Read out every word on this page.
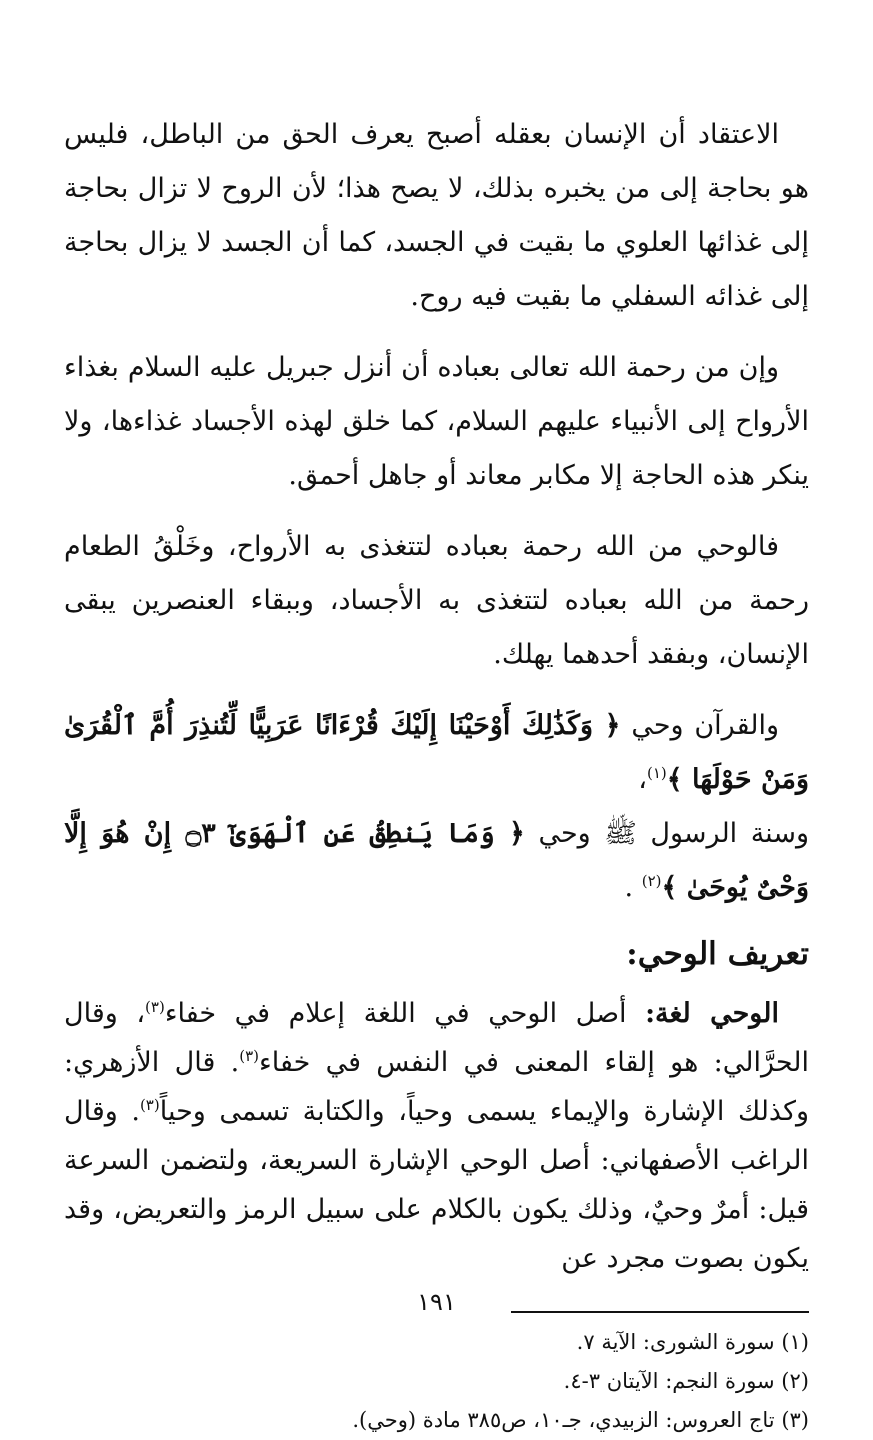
الاعتقاد أن الإنسان بعقله أصبح يعرف الحق من الباطل، فليس هو بحاجة إلى من يخبره بذلك، لا يصح هذا؛ لأن الروح لا تزال بحاجة إلى غذائها العلوي ما بقيت في الجسد، كما أن الجسد لا يزال بحاجة إلى غذائه السفلي ما بقيت فيه روح.

وإن من رحمة الله تعالى بعباده أن أنزل جبريل عليه السلام بغذاء الأرواح إلى الأنبياء عليهم السلام، كما خلق لهذه الأجساد غذاءها، ولا ينكر هذه الحاجة إلا مكابر معاند أو جاهل أحمق.

فالوحي من الله رحمة بعباده لتتغذى به الأرواح، وخَلْقُ الطعام رحمة من الله بعباده لتتغذى به الأجساد، وببقاء العنصرين يبقى الإنسان، وبفقد أحدهما يهلك.

والقرآن وحي ﴿ وَكَذَٰلِكَ أَوْحَيْنَا إِلَيْكَ قُرْءَانًا عَرَبِيًّا لِّتُنذِرَ أُمَّ ٱلْقُرَىٰ وَمَنْ حَوْلَهَا ﴾$^{(١)}$،
وسنة الرسول ﷺ وحي ﴿ وَمَا يَنطِقُ عَنِ ٱلْهَوَىٰٓ ۝٣ إِنْ هُوَ إِلَّا وَحْىٌ يُوحَىٰ ﴾$^{(٢)}$ .

تعريف الوحي:

الوحي لغة: أصل الوحي في اللغة إعلام في خفاء$^{(٣)}$، وقال الحرَّالي: هو إلقاء المعنى في النفس في خفاء$^{(٣)}$. قال الأزهري: وكذلك الإشارة والإيماء يسمى وحياً، والكتابة تسمى وحياً$^{(٣)}$. وقال الراغب الأصفهاني: أصل الوحي الإشارة السريعة، ولتضمن السرعة قيل: أمرٌ وحيٌ، وذلك يكون بالكلام على سبيل الرمز والتعريض، وقد يكون بصوت مجرد عن

(١) سورة الشورى: الآية ٧.

(٢) سورة النجم: الآيتان ٣-٤.

(٣) تاج العروس: الزبيدي، جـ١٠، ص٣٨٥ مادة (وحي).

١٩١
